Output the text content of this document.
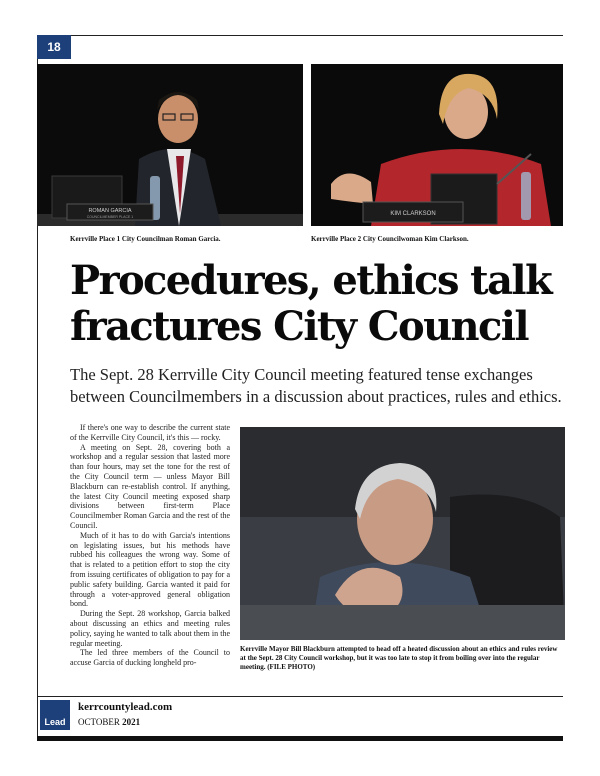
18
ROMAN GARCIA
COUNCILMEMBER PLACE 1
Kerrville Place 1 City Councilman Roman Garcia.
KIM CLARKSON
Kerrville Place 2 City Councilwoman Kim Clarkson.
Procedures, ethics talk fractures City Council

The Sept. 28 Kerrville City Council meeting featured tense exchanges between Councilmembers in a discussion about practices, rules and ethics.

If there's one way to describe the current state of the Kerrville City Council, it's this — rocky.

A meeting on Sept. 28, covering both a workshop and a regular session that lasted more than four hours, may set the tone for the rest of the City Council term — unless Mayor Bill Blackburn can re-establish control. If anything, the latest City Council meeting exposed sharp divisions between first-term Place Councilmember Roman Garcia and the rest of the Council.

Much of it has to do with Garcia's intentions on legislating issues, but his methods have rubbed his colleagues the wrong way. Some of that is related to a petition effort to stop the city from issuing certificates of obligation to pay for a public safety building. Garcia wanted it paid for through a voter-approved general obligation bond.

During the Sept. 28 workshop, Garcia balked about discussing an ethics and meeting rules policy, saying he wanted to talk about them in the regular meeting.

The led three members of the Council to accuse Garcia of ducking longheld pro-

Kerrville Mayor Bill Blackburn attempted to head off a heated discussion about an ethics and rules review at the Sept. 28 City Council workshop, but it was too late to stop it from boiling over into the regular meeting. (FILE PHOTO)
Lead
kerrcountylead.com
OCTOBER 2021
